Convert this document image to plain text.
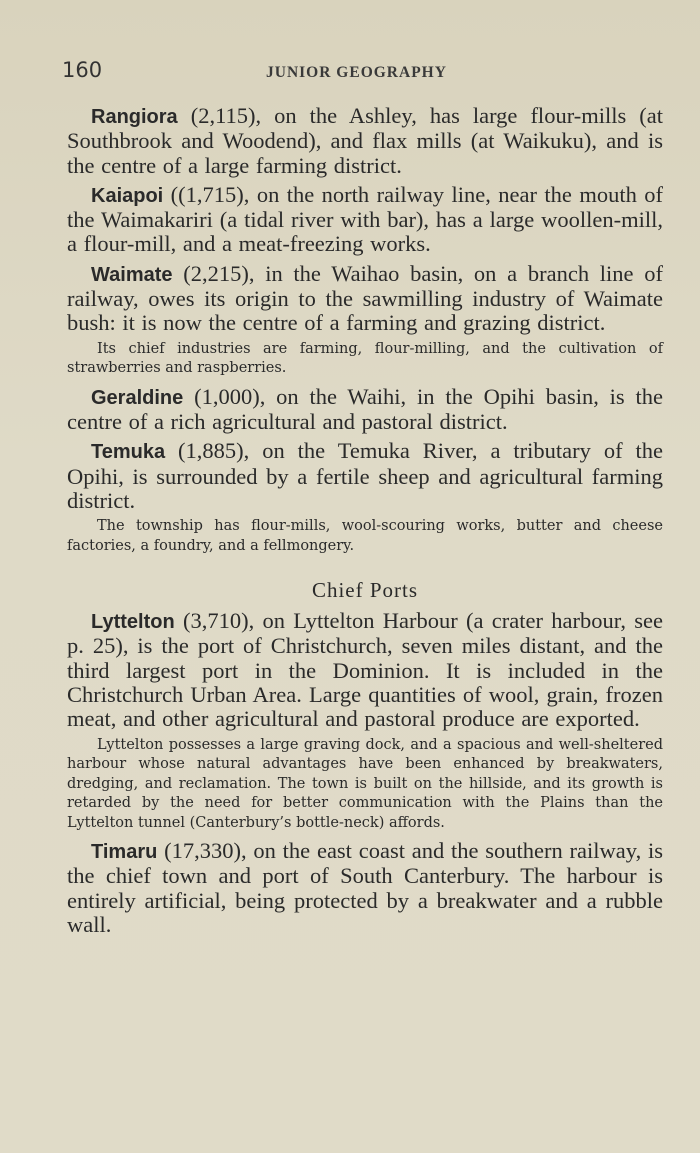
160	JUNIOR GEOGRAPHY

Rangiora (2,115), on the Ashley, has large flour-mills (at Southbrook and Woodend), and flax mills (at Waikuku), and is the centre of a large farming district.

Kaiapoi ((1,715), on the north railway line, near the mouth of the Waimakariri (a tidal river with bar), has a large woollen-mill, a flour-mill, and a meat-freezing works.

Waimate (2,215), in the Waihao basin, on a branch line of railway, owes its origin to the sawmilling industry of Waimate bush: it is now the centre of a farming and grazing district.

Its chief industries are farming, flour-milling, and the cultivation of strawberries and raspberries.

Geraldine (1,000), on the Waihi, in the Opihi basin, is the centre of a rich agricultural and pastoral district.

Temuka (1,885), on the Temuka River, a tributary of the Opihi, is surrounded by a fertile sheep and agricultural farming district.

The township has flour-mills, wool-scouring works, butter and cheese factories, a foundry, and a fellmongery.

Chief Ports

Lyttelton (3,710), on Lyttelton Harbour (a crater harbour, see p. 25), is the port of Christchurch, seven miles distant, and the third largest port in the Dominion. It is included in the Christchurch Urban Area. Large quantities of wool, grain, frozen meat, and other agricultural and pastoral produce are exported.

Lyttelton possesses a large graving dock, and a spacious and well-sheltered harbour whose natural advantages have been enhanced by breakwaters, dredging, and reclamation. The town is built on the hillside, and its growth is retarded by the need for better communication with the Plains than the Lyttelton tunnel (Canterbury’s bottle-neck) affords.

Timaru (17,330), on the east coast and the southern railway, is the chief town and port of South Canterbury. The harbour is entirely artificial, being protected by a breakwater and a rubble wall.
